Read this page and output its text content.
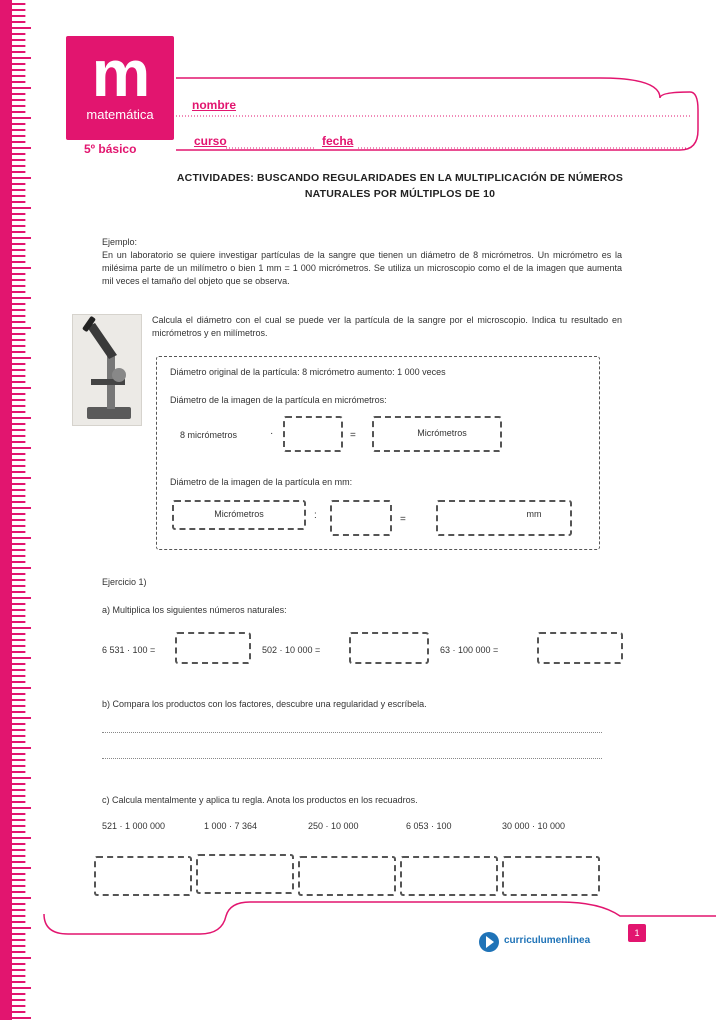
m
matemática
5º básico
nombre
curso	fecha
ACTIVIDADES: BUSCANDO REGULARIDADES EN LA MULTIPLICACIÓN DE NÚMEROS
NATURALES POR MÚLTIPLOS DE 10
Ejemplo:
En un laboratorio se quiere investigar partículas de la sangre que tienen un diámetro de 8 micrómetros. Un micrómetro es la milésima parte de un milímetro o bien 1 mm = 1 000 micrómetros. Se utiliza un microscopio como el de la imagen que aumenta mil veces el tamaño del objeto que se observa.
Calcula el diámetro con el cual se puede ver la partícula de la sangre por el microscopio. Indica tu resultado en micrómetros y en milímetros.
Diámetro original de la partícula: 8 micrómetro aumento: 1 000 veces
Diámetro de la imagen de la partícula en micrómetros:
8 micrómetros	·	=	Micrómetros
Diámetro de la imagen de la partícula en mm:
Micrómetros	:	=	mm
Ejercicio 1)
a) Multiplica los siguientes números naturales:
6 531 · 100 =	502 · 10 000 =	63 · 100 000 =
b) Compara los productos con los factores, descubre una regularidad y escríbela.
c) Calcula mentalmente y aplica tu regla. Anota los productos en los recuadros.
521 · 1 000 000	1 000 · 7 364	250 · 10 000	6 053 · 100	30 000 · 10 000
curriculumenlinea
1
